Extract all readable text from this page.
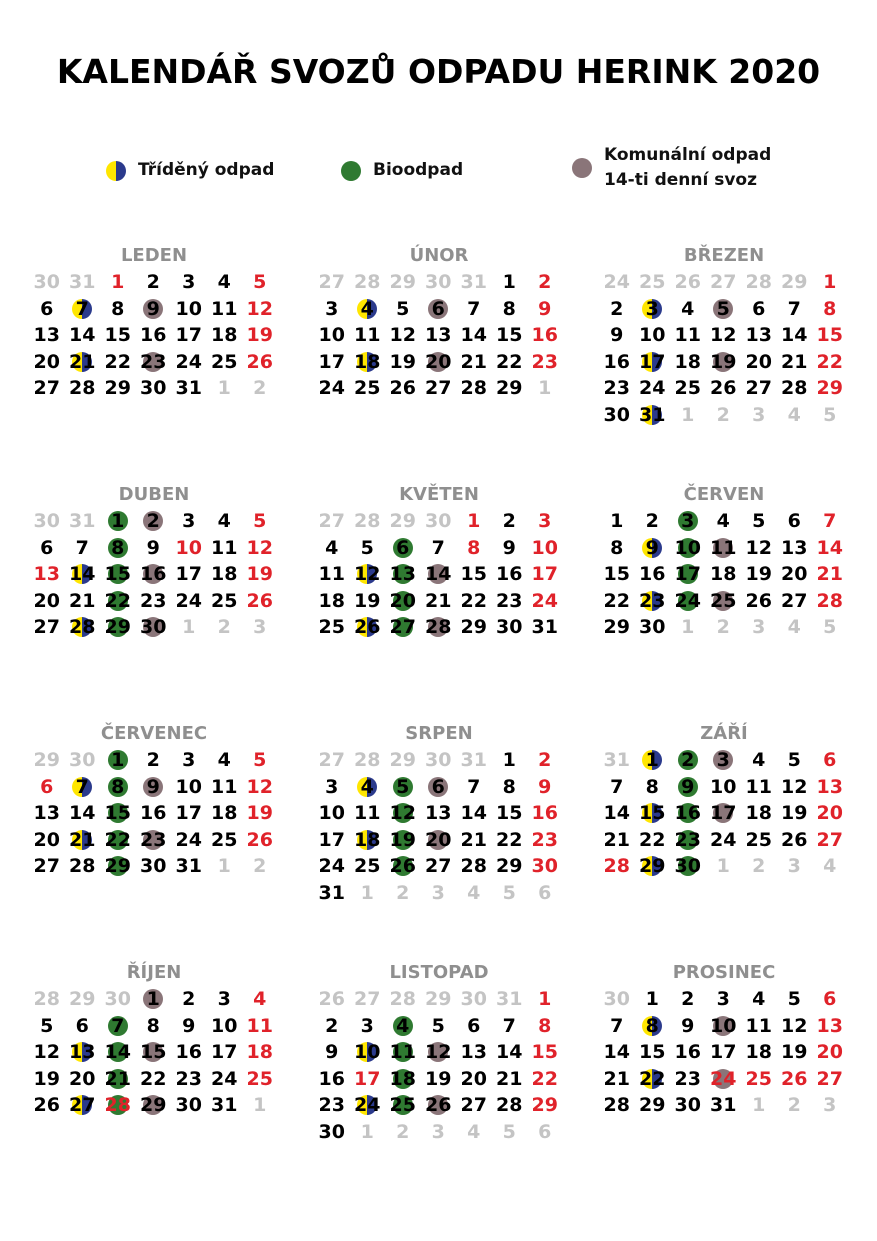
KALENDÁŘ SVOZŮ ODPADU HERINK 2020
Tříděný odpad	Bioodpad
Komunální odpad
14-ti denní svoz
LEDEN
30 31 1	2	3	4	5
6	7	8	9 10 11 12
13 14 15 16 17 18 19
20 21 22 23 24 25 26
27 28 29 30 31 1	2
ÚNOR
27 28 29 30 31 1	2
3	4	5	6	7	8	9
10 11 12 13 14 15 16
17 18 19 20 21 22 23
24 25 26 27 28 29 1
BŘEZEN
24 25 26 27 28 29 1
2	3	4	5	6	7	8
9 10 11 12 13 14 15
16 17 18 19 20 21 22
23 24 25 26 27 28 29
30 31 1	2	3	4	5
DUBEN
30 31 1	2	3	4	5
6	7	8	9 10 11 12
13 14 15 16 17 18 19
20 21 22 23 24 25 26
27 28 29 30 1	2	3
KVĚTEN
27 28 29 30 1	2	3
4	5	6	7	8	9 10
11 12 13 14 15 16 17
18 19 20 21 22 23 24
25 26 27 28 29 30 31
ČERVEN
1	2	3	4	5	6	7
8	9 10 11 12 13 14
15 16 17 18 19 20 21
22 23 24 25 26 27 28
29 30 1	2	3	4	5
ČERVENEC
29 30 1	2	3	4	5
6	7	8	9 10 11 12
13 14 15 16 17 18 19
20 21 22 23 24 25 26
27 28 29 30 31 1	2
SRPEN
27 28 29 30 31 1	2
3	4	5	6	7	8	9
10 11 12 13 14 15 16
17 18 19 20 21 22 23
24 25 26 27 28 29 30
31 1	2	3	4	5	6
ZÁŘÍ
31 1	2	3	4	5	6
7	8	9 10 11 12 13
14 15 16 17 18 19 20
21 22 23 24 25 26 27
28 29 30 1	2	3	4
ŘÍJEN
28 29 30 1	2	3	4
5	6	7	8	9 10 11
12 13 14 15 16 17 18
19 20 21 22 23 24 25
26 27 28 29 30 31 1
LISTOPAD
26 27 28 29 30 31 1
2	3	4	5	6	7	8
9 10 11 12 13 14 15
16 17 18 19 20 21 22
23 24 25 26 27 28 29
30 1	2	3	4	5	6
PROSINEC
30 1	2	3	4	5	6
7	8	9 10 11 12 13
14 15 16 17 18 19 20
21 22 23 24 25 26 27
28 29 30 31 1	2	3
